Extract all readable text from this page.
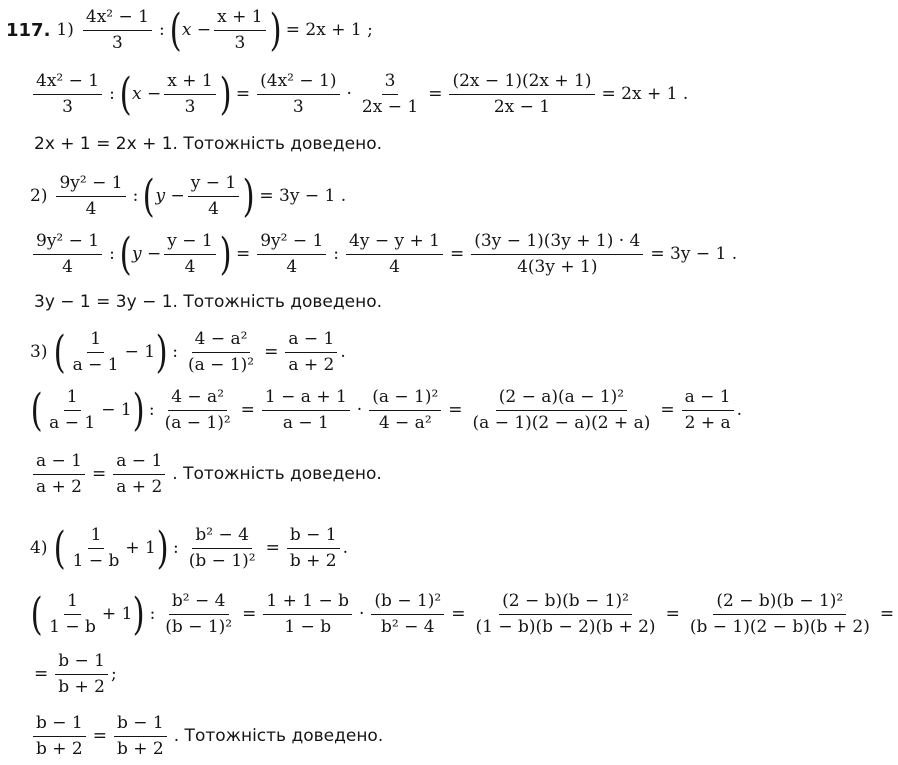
117. $1) \frac{\text{4x² − 1}}{3}$ : ( $x - \frac{x + 1}{3}$ ) = 2x + 1 ;
$\frac{\text{4x² − 1}}{3}$ : ( $x - \frac{x + 1}{3}$ ) = $\frac{\text{(4x² − 1)}}{3} \cdot \frac{3}{2x - 1} = \frac{(2x - 1)(2x + 1)}{2x - 1} = 2x + 1$ .
2x + 1 = 2x + 1. Тотожність доведено.
$2) \frac{\text{9y² − 1}}{4}$ : ( $y - \frac{y - 1}{4}$ ) = 3y − 1 .
$\frac{\text{9y² − 1}}{4}$ : ( $y - \frac{y - 1}{4}$ ) = $\frac{\text{9y² − 1}}{4}$ : $\frac{4y - y + 1}{4} = \frac{(3y - 1)(3y + 1) \cdot 4}{4(3y + 1)} = 3y - 1$ .
3y − 1 = 3y − 1. Тотожність доведено.
3) ( $\frac{1}{a - 1} - 1$ ) : $\frac{\text{4 − a²}}{\text{(a − 1)²}} = \frac{a - 1}{a + 2}$ .
( $\frac{1}{a - 1} - 1$ ) : $\frac{\text{4 − a²}}{\text{(a − 1)²}} = \frac{1 - a + 1}{a - 1} \cdot \frac{\text{(a − 1)²}}{\text{4 − a²}} = \frac{\text{(2 − a)(a − 1)²}}{(a - 1)(2 - a)(2 + a)} = \frac{a - 1}{2 + a}$ .
$\frac{a - 1}{a + 2} = \frac{a - 1}{a + 2}$ . Тотожність доведено.
4) ( $\frac{1}{1 - b} + 1$ ) : $\frac{\text{b² − 4}}{\text{(b − 1)²}} = \frac{b - 1}{b + 2}$ .
( $\frac{1}{1 - b} + 1$ ) : $\frac{\text{b² − 4}}{\text{(b − 1)²}} = \frac{1 + 1 - b}{1 - b} \cdot \frac{\text{(b − 1)²}}{\text{b² − 4}} = \frac{\text{(2 − b)(b − 1)²}}{(1 - b)(b - 2)(b + 2)} = \frac{\text{(2 − b)(b − 1)²}}{(b - 1)(2 - b)(b + 2)}$ =
= $\frac{b - 1}{b + 2}$ ;
$\frac{b - 1}{b + 2} = \frac{b - 1}{b + 2}$ . Тотожність доведено.
